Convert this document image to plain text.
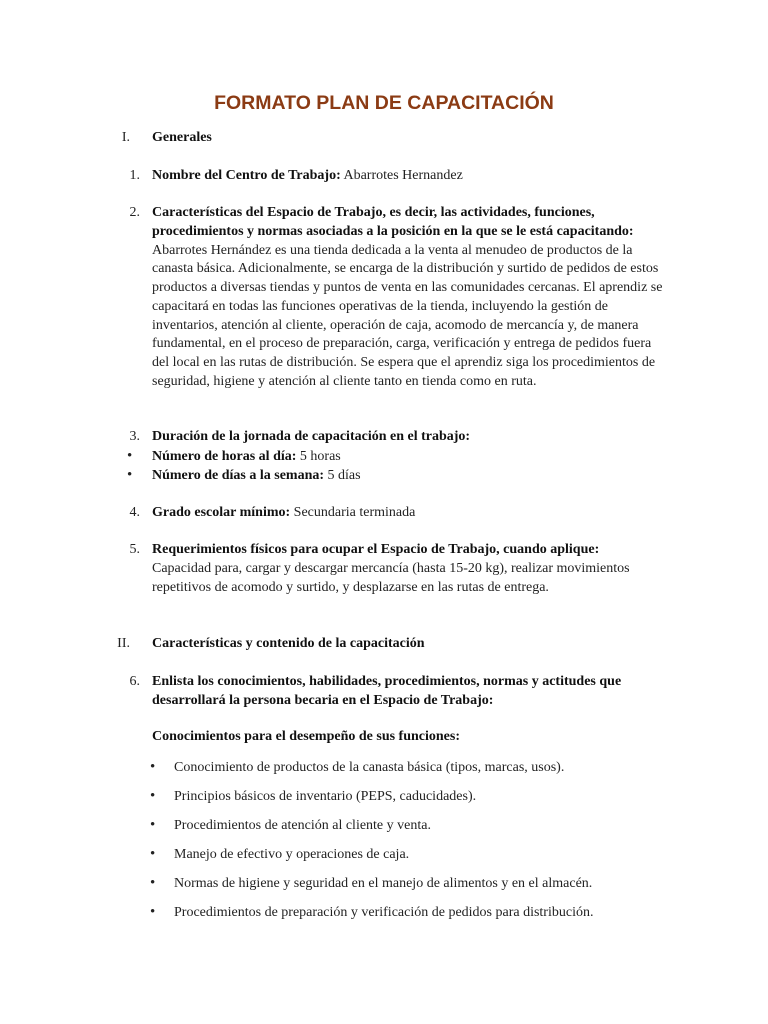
FORMATO PLAN DE CAPACITACIÓN
I. Generales
1. Nombre del Centro de Trabajo: Abarrotes Hernandez
2. Características del Espacio de Trabajo, es decir, las actividades, funciones,
procedimientos y normas asociadas a la posición en la que se le está capacitando:
Abarrotes Hernández es una tienda dedicada a la venta al menudeo de productos de la
canasta básica. Adicionalmente, se encarga de la distribución y surtido de pedidos de estos
productos a diversas tiendas y puntos de venta en las comunidades cercanas. El aprendiz se
capacitará en todas las funciones operativas de la tienda, incluyendo la gestión de
inventarios, atención al cliente, operación de caja, acomodo de mercancía y, de manera
fundamental, en el proceso de preparación, carga, verificación y entrega de pedidos fuera
del local en las rutas de distribución. Se espera que el aprendiz siga los procedimientos de
seguridad, higiene y atención al cliente tanto en tienda como en ruta.
3. Duración de la jornada de capacitación en el trabajo:
• Número de horas al día: 5 horas
• Número de días a la semana: 5 días
4. Grado escolar mínimo: Secundaria terminada
5. Requerimientos físicos para ocupar el Espacio de Trabajo, cuando aplique:
Capacidad para, cargar y descargar mercancía (hasta 15-20 kg), realizar movimientos
repetitivos de acomodo y surtido, y desplazarse en las rutas de entrega.
II. Características y contenido de la capacitación
6. Enlista los conocimientos, habilidades, procedimientos, normas y actitudes que
desarrollará la persona becaria en el Espacio de Trabajo:
Conocimientos para el desempeño de sus funciones:
• Conocimiento de productos de la canasta básica (tipos, marcas, usos).
• Principios básicos de inventario (PEPS, caducidades).
• Procedimientos de atención al cliente y venta.
• Manejo de efectivo y operaciones de caja.
• Normas de higiene y seguridad en el manejo de alimentos y en el almacén.
• Procedimientos de preparación y verificación de pedidos para distribución.
